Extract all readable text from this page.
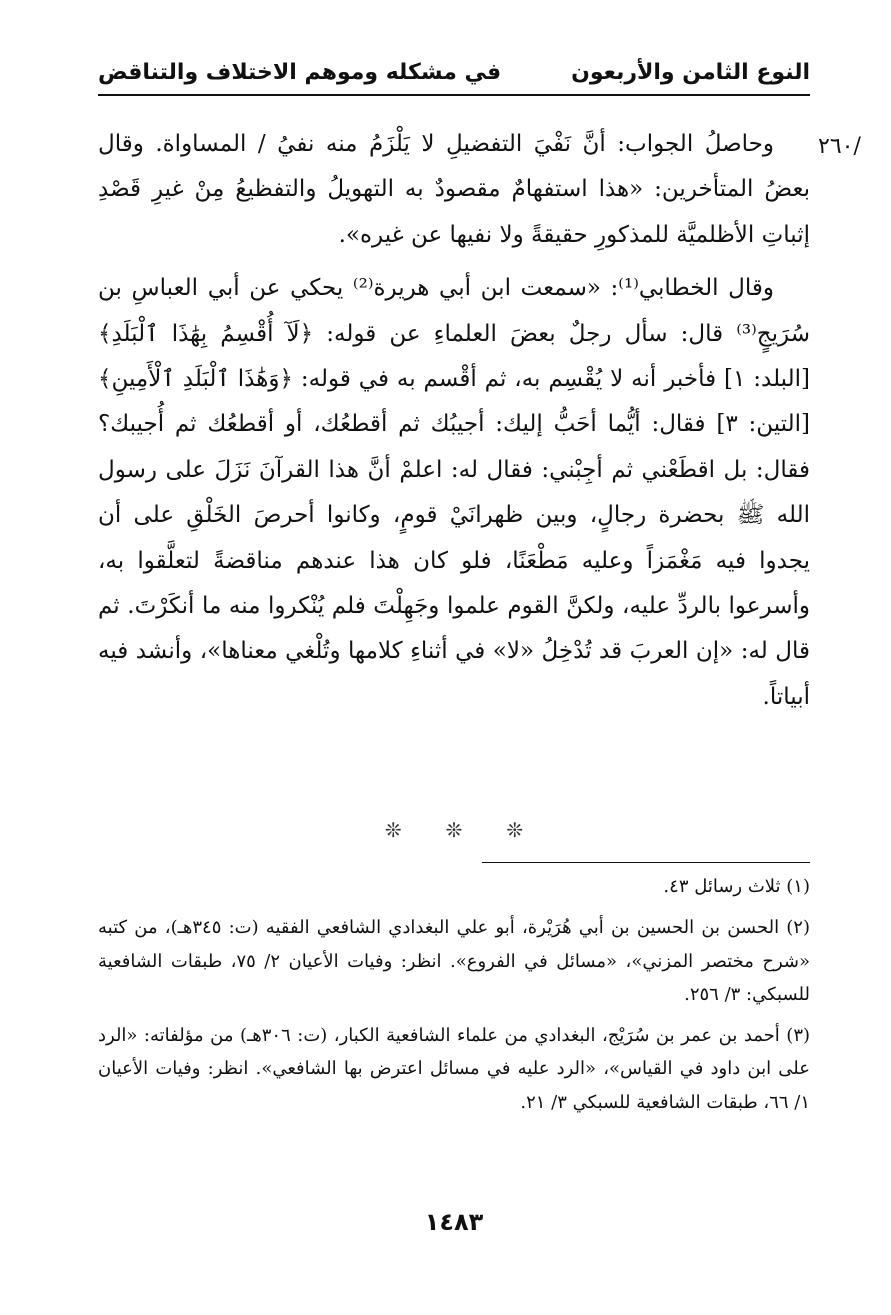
النوع الثامن والأربعون
في مشكله وموهم الاختلاف والتناقض
/٢٦٠

وحاصلُ الجواب: أنَّ نَفْيَ التفضيلِ لا يَلْزَمُ منه نفيُ / المساواة. وقال بعضُ المتأخرين: «هذا استفهامٌ مقصودٌ به التهويلُ والتفظيعُ مِنْ غيرِ قَصْدِ إثباتِ الأظلميَّة للمذكورِ حقيقةً ولا نفيها عن غيره».

وقال الخطابي⁽¹⁾: «سمعت ابن أبي هريرة⁽²⁾ يحكي عن أبي العباسِ بن سُرَيجٍ⁽³⁾ قال: سأل رجلٌ بعضَ العلماءِ عن قوله: ﴿لَآ أُقْسِمُ بِهَٰذَا ٱلْبَلَدِ﴾ [البلد: ١] فأخبر أنه لا يُقْسِم به، ثم أقْسم به في قوله: ﴿وَهَٰذَا ٱلْبَلَدِ ٱلْأَمِينِ﴾ [التين: ٣] فقال: أيُّما أحَبُّ إليك: أجيبُك ثم أقطعُك، أو أقطعُك ثم أُجيبك؟ فقال: بل اقطَعْني ثم أجِبْني: فقال له: اعلمْ أنَّ هذا القرآنَ نَزَلَ على رسول الله ﷺ بحضرة رجالٍ، وبين ظهرانَيْ قومٍ، وكانوا أحرصَ الخَلْقِ على أن يجدوا فيه مَغْمَزاً وعليه مَطْعَنًا، فلو كان هذا عندهم مناقضةً لتعلَّقوا به، وأسرعوا بالردِّ عليه، ولكنَّ القوم علموا وجَهِلْتَ فلم يُنْكروا منه ما أنكَرْتَ. ثم قال له: «إن العربَ قد تُدْخِلُ «لا» في أثناءِ كلامها وتُلْغي معناها»، وأنشد فيه أبياتاً.

❊ ❊ ❊

(١) ثلاث رسائل ٤٣.

(٢) الحسن بن الحسين بن أبي هُرَيْرة، أبو علي البغدادي الشافعي الفقيه (ت: ٣٤٥هـ)، من كتبه «شرح مختصر المزني»، «مسائل في الفروع». انظر: وفيات الأعيان ٢/ ٧٥، طبقات الشافعية للسبكي: ٣/ ٢٥٦.

(٣) أحمد بن عمر بن سُرَيْج، البغدادي من علماء الشافعية الكبار، (ت: ٣٠٦هـ) من مؤلفاته: «الرد على ابن داود في القياس»، «الرد عليه في مسائل اعترض بها الشافعي». انظر: وفيات الأعيان ١/ ٦٦، طبقات الشافعية للسبكي ٣/ ٢١.

١٤٨٣
